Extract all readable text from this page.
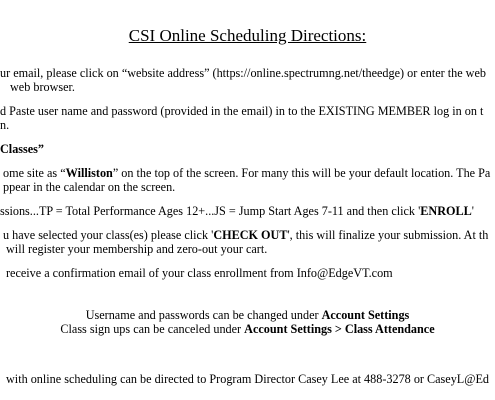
CSI Online Scheduling Directions:
ur email, please click on “website address” (https://online.spectrumng.net/theedge) or enter the web
web browser.
d Paste user name and password (provided in the email) in to the EXISTING MEMBER log in on t
n.
Classes”
ome site as “Williston” on the top of the screen. For many this will be your default location. The Pa
ppear in the calendar on the screen.
ssions...TP = Total Performance Ages 12+...JS = Jump Start Ages 7-11 and then click 'ENROLL'
u have selected your class(es) please click 'CHECK OUT', this will finalize your submission. At th
will register your membership and zero-out your cart.
receive a confirmation email of your class enrollment from Info@EdgeVT.com
Username and passwords can be changed under Account Settings
Class sign ups can be canceled under Account Settings > Class Attendance
with online scheduling can be directed to Program Director Casey Lee at 488-3278 or CaseyL@Ed
